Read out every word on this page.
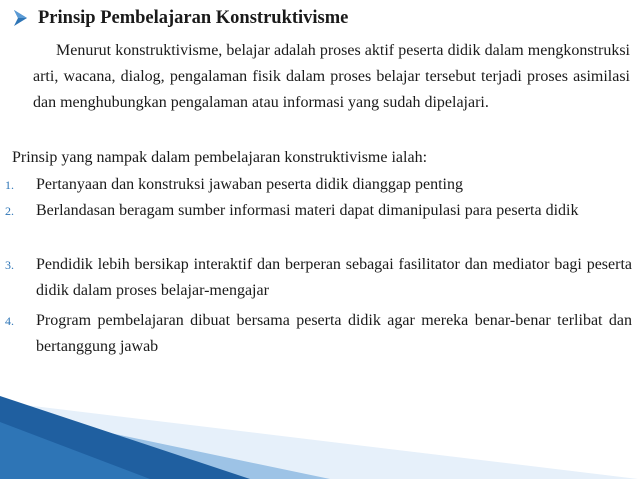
Prinsip Pembelajaran Konstruktivisme
Menurut konstruktivisme, belajar adalah proses aktif peserta didik dalam mengkonstruksi arti, wacana, dialog, pengalaman fisik dalam proses belajar tersebut terjadi proses asimilasi dan menghubungkan pengalaman atau informasi yang sudah dipelajari.
Prinsip yang nampak dalam pembelajaran konstruktivisme ialah:
1. Pertanyaan dan konstruksi jawaban peserta didik dianggap penting
2. Berlandasan beragam sumber informasi materi dapat dimanipulasi para peserta didik
3. Pendidik lebih bersikap interaktif dan berperan sebagai fasilitator dan mediator bagi peserta didik dalam proses belajar-mengajar
4. Program pembelajaran dibuat bersama peserta didik agar mereka benar-benar terlibat dan bertanggung jawab
